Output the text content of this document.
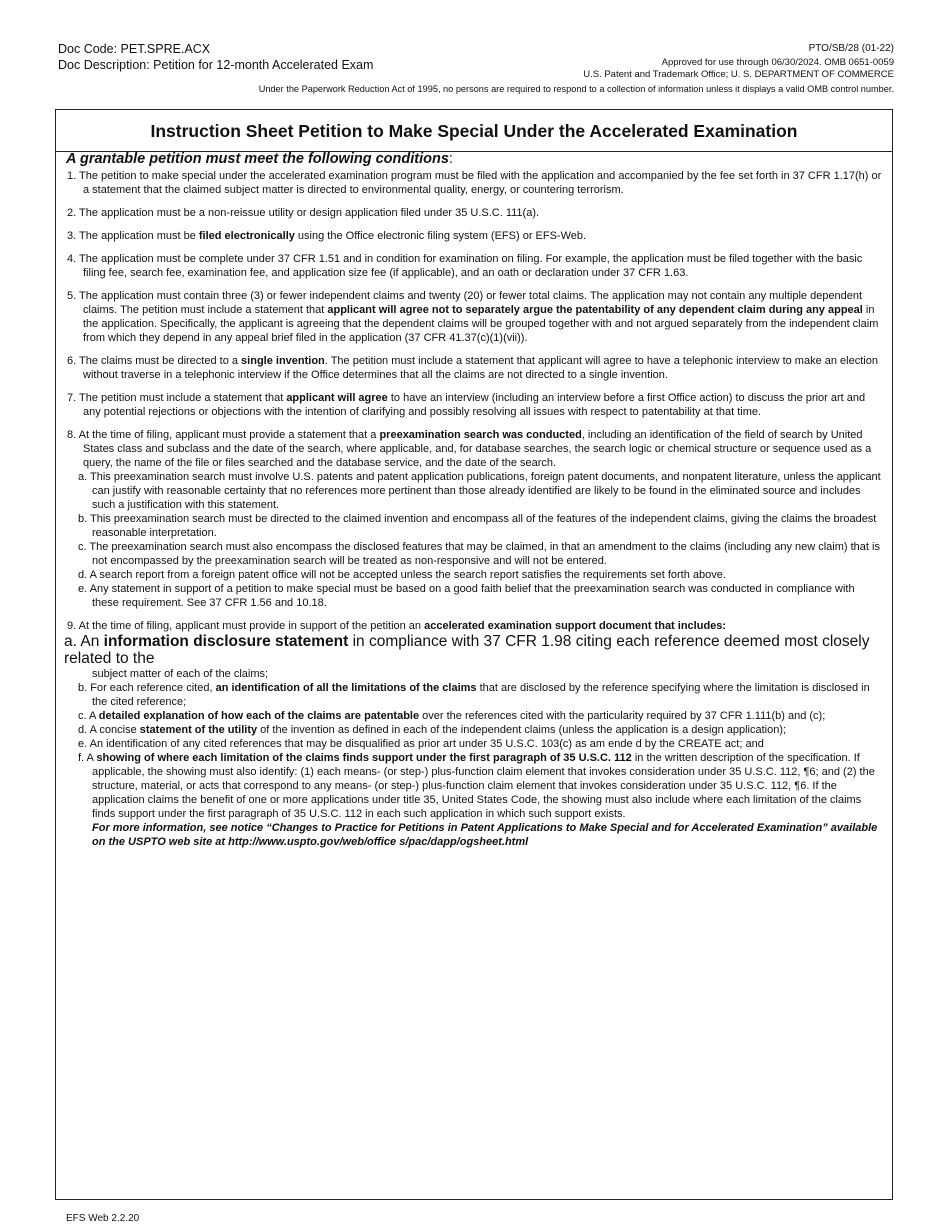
Doc Code: PET.SPRE.ACX
Doc Description: Petition for 12-month Accelerated Exam
PTO/SB/28 (01-22)
Approved for use through 06/30/2024. OMB 0651-0059
U.S. Patent and Trademark Office; U. S. DEPARTMENT OF COMMERCE
Under the Paperwork Reduction Act of 1995, no persons are required to respond to a collection of information unless it displays a valid OMB control number.
Instruction Sheet Petition to Make Special Under the Accelerated Examination
A grantable petition must meet the following conditions:
1. The petition to make special under the accelerated examination program must be filed with the application and accompanied by the fee set forth in 37 CFR 1.17(h) or a statement that the claimed subject matter is directed to environmental quality, energy, or countering terrorism.
2. The application must be a non-reissue utility or design application filed under 35 U.S.C. 111(a).
3. The application must be filed electronically using the Office electronic filing system (EFS) or EFS-Web.
4. The application must be complete under 37 CFR 1.51 and in condition for examination on filing. For example, the application must be filed together with the basic filing fee, search fee, examination fee, and application size fee (if applicable), and an oath or declaration under 37 CFR 1.63.
5. The application must contain three (3) or fewer independent claims and twenty (20) or fewer total claims. The application may not contain any multiple dependent claims. The petition must include a statement that applicant will agree not to separately argue the patentability of any dependent claim during any appeal in the application. Specifically, the applicant is agreeing that the dependent claims will be grouped together with and not argued separately from the independent claim from which they depend in any appeal brief filed in the application (37 CFR 41.37(c)(1)(vii)).
6. The claims must be directed to a single invention. The petition must include a statement that applicant will agree to have a telephonic interview to make an election without traverse in a telephonic interview if the Office determines that all the claims are not directed to a single invention.
7. The petition must include a statement that applicant will agree to have an interview (including an interview before a first Office action) to discuss the prior art and any potential rejections or objections with the intention of clarifying and possibly resolving all issues with respect to patentability at that time.
8. At the time of filing, applicant must provide a statement that a preexamination search was conducted, including an identification of the field of search by United States class and subclass and the date of the search, where applicable, and, for database searches, the search logic or chemical structure or sequence used as a query, the name of the file or files searched and the database service, and the date of the search.
a. This preexamination search must involve U.S. patents and patent application publications, foreign patent documents, and nonpatent literature, unless the applicant can justify with reasonable certainty that no references more pertinent than those already identified are likely to be found in the eliminated source and includes such a justification with this statement.
b. This preexamination search must be directed to the claimed invention and encompass all of the features of the independent claims, giving the claims the broadest reasonable interpretation.
c. The preexamination search must also encompass the disclosed features that may be claimed, in that an amendment to the claims (including any new claim) that is not encompassed by the preexamination search will be treated as non-responsive and will not be entered.
d. A search report from a foreign patent office will not be accepted unless the search report satisfies the requirements set forth above.
e. Any statement in support of a petition to make special must be based on a good faith belief that the preexamination search was conducted in compliance with these requirement. See 37 CFR 1.56 and 10.18.
9. At the time of filing, applicant must provide in support of the petition an accelerated examination support document that includes:
a. An information disclosure statement in compliance with 37 CFR 1.98 citing each reference deemed most closely
related to the
subject matter of each of the claims;
b. For each reference cited, an identification of all the limitations of the claims that are disclosed by the reference specifying where the limitation is disclosed in the cited reference;
c. A detailed explanation of how each of the claims are patentable over the references cited with the particularity required by 37 CFR 1.111(b) and (c);
d. A concise statement of the utility of the invention as defined in each of the independent claims (unless the application is a design application);
e. An identification of any cited references that may be disqualified as prior art under 35 U.S.C. 103(c) as am ende d by the CREATE act; and
f. A showing of where each limitation of the claims finds support under the first paragraph of 35 U.S.C. 112 in the written description of the specification. If applicable, the showing must also identify: (1) each means- (or step-) plus-function claim element that invokes consideration under 35 U.S.C. 112, ¶6; and (2) the structure, material, or acts that correspond to any means- (or step-) plus-function claim element that invokes consideration under 35 U.S.C. 112, ¶6. If the application claims the benefit of one or more applications under title 35, United States Code, the showing must also include where each limitation of the claims finds support under the first paragraph of 35 U.S.C. 112 in each such application in which such support exists.
For more information, see notice “Changes to Practice for Petitions in Patent Applications to Make Special and for Accelerated Examination” available on the USPTO web site at http://www.uspto.gov/web/office s/pac/dapp/ogsheet.html
EFS Web 2.2.20
